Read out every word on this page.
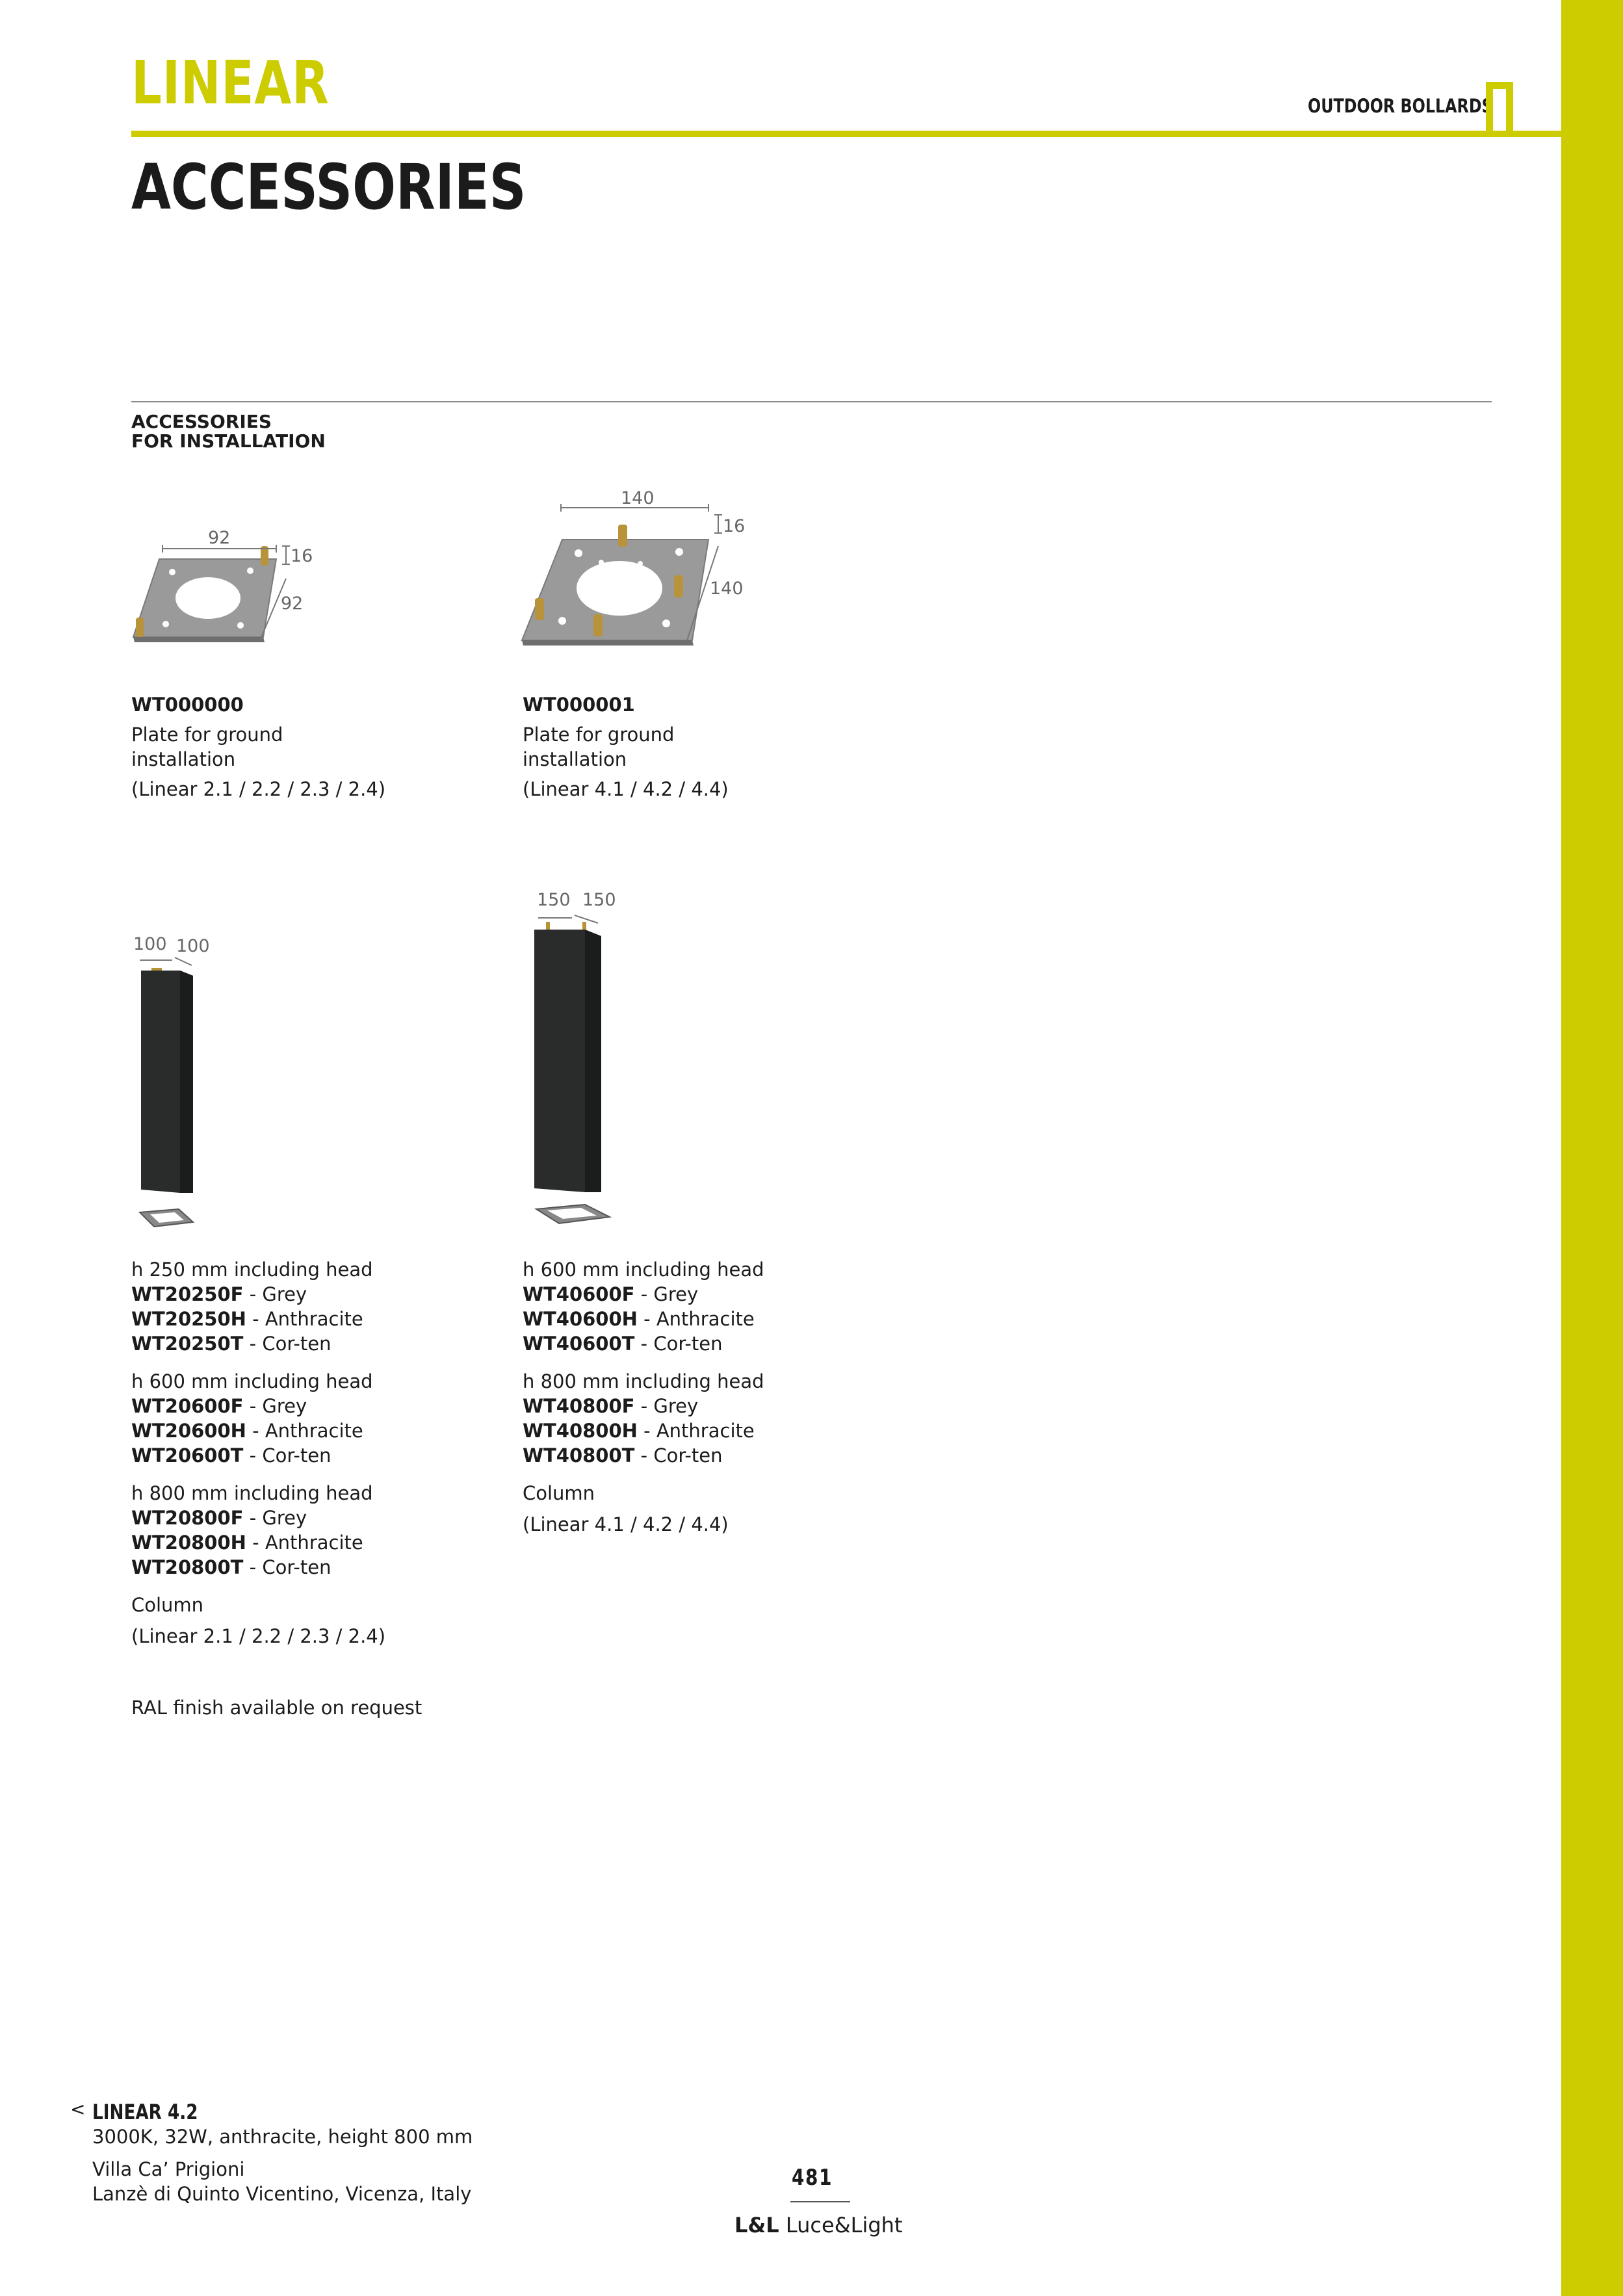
LINEAR	OUTDOOR BOLLARDS
ACCESSORIES
ACCESSORIES
FOR INSTALLATION
92
16
92
140
16
140
WT000000
Plate for ground
installation
(Linear 2.1 / 2.2 / 2.3 / 2.4)
WT000001
Plate for ground
installation
(Linear 4.1 / 4.2 / 4.4)
100 100
150 150
h 250 mm including head
WT20250F - Grey
WT20250H - Anthracite
WT20250T - Cor-ten
h 600 mm including head
WT20600F - Grey
WT20600H - Anthracite
WT20600T - Cor-ten
h 800 mm including head
WT20800F - Grey
WT20800H - Anthracite
WT20800T - Cor-ten
Column
(Linear 2.1 / 2.2 / 2.3 / 2.4)
h 600 mm including head
WT40600F - Grey
WT40600H - Anthracite
WT40600T - Cor-ten
h 800 mm including head
WT40800F - Grey
WT40800H - Anthracite
WT40800T - Cor-ten
Column
(Linear 4.1 / 4.2 / 4.4)
RAL finish available on request
< LINEAR 4.2
3000K, 32W, anthracite, height 800 mm
Villa Ca’ Prigioni
Lanzè di Quinto Vicentino, Vicenza, Italy
481
L&L Luce&Light
